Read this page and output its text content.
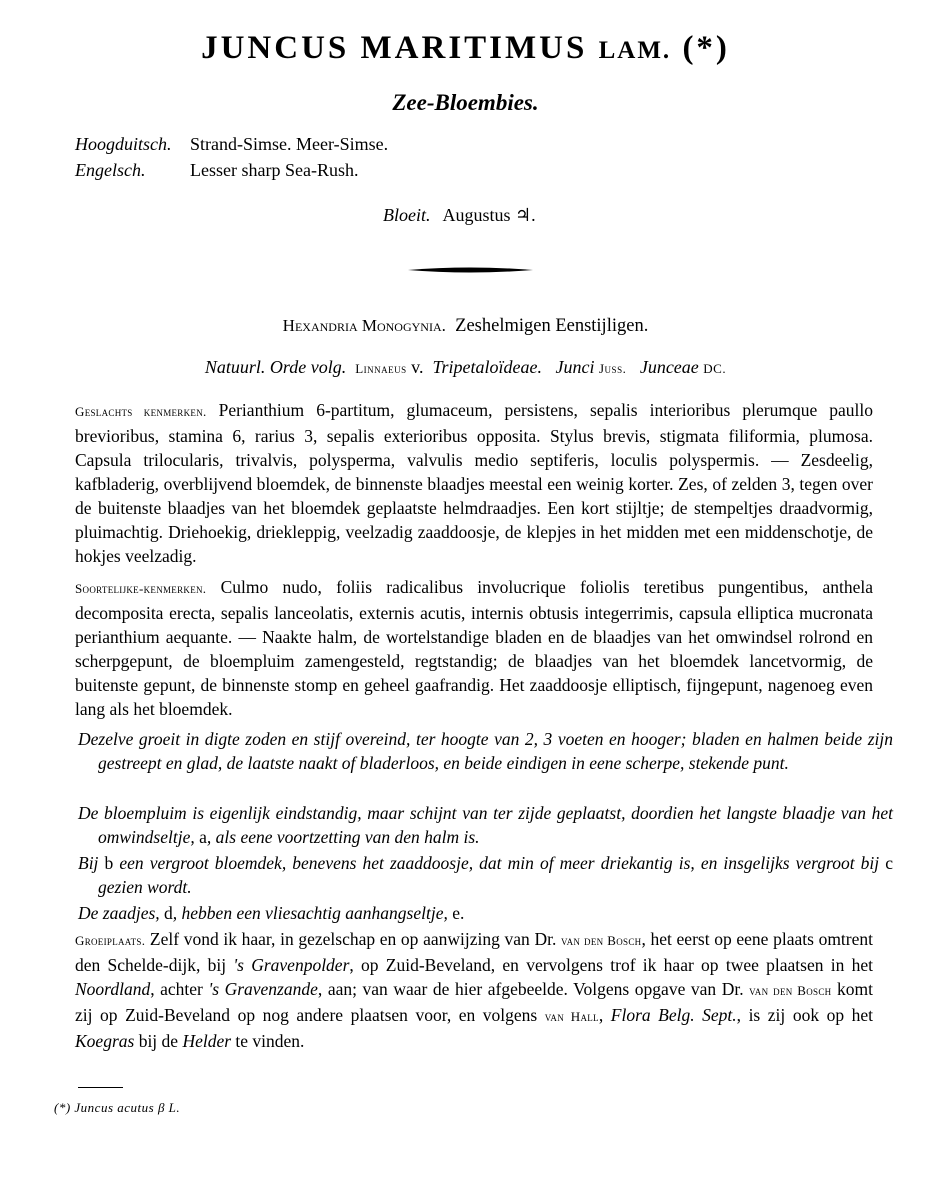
JUNCUS MARITIMUS LAM. (*)
Zee-Bloembies.
Hoogduitsch. Strand-Simse. Meer-Simse.
Engelsch. Lesser sharp Sea-Rush.
Bloeit. Augustus ♃.
Hexandria Monogynia. Zeshelmigen Eenstijligen.
Natuurl. Orde volg. Linnaeus v. Tripetaloïdeae. Junci Juss. Junceae DC.
Geslachts kenmerken. Perianthium 6-partitum, glumaceum, persistens, sepalis interioribus plerumque paullo brevioribus, stamina 6, rarius 3, sepalis exterioribus opposita. Stylus brevis, stigmata filiformia, plumosa. Capsula trilocularis, trivalvis, polysperma, valvulis medio septiferis, loculis polyspermis. — Zesdeelig, kafbladerig, overblijvend bloemdek, de binnenste blaadjes meestal een weinig korter. Zes, of zelden 3, tegen over de buitenste blaadjes van het bloemdek geplaatste helmdraadjes. Een kort stijltje; de stempeltjes draadvormig, pluimachtig. Driehoekig, driekleppig, veelzadig zaaddoosje, de klepjes in het midden met een middenschotje, de hokjes veelzadig.
Soortelijke-kenmerken. Culmo nudo, foliis radicalibus involucrique foliolis teretibus pungentibus, anthela decomposita erecta, sepalis lanceolatis, externis acutis, internis obtusis integerrimis, capsula elliptica mucronata perianthium aequante. — Naakte halm, de wortelstandige bladen en de blaadjes van het omwindsel rolrond en scherpgepunt, de bloempluim zamengesteld, regtstandig; de blaadjes van het bloemdek lancetvormig, de buitenste gepunt, de binnenste stomp en geheel gaafrandig. Het zaaddoosje elliptisch, fijngepunt, nagenoeg even lang als het bloemdek.
Dezelve groeit in digte zoden en stijf overeind, ter hoogte van 2, 3 voeten en hooger; bladen en halmen beide zijn gestreept en glad, de laatste naakt of bladerloos, en beide eindigen in eene scherpe, stekende punt.
De bloempluim is eigenlijk eindstandig, maar schijnt van ter zijde geplaatst, doordien het langste blaadje van het omwindseltje, a, als eene voortzetting van den halm is.
Bij b een vergroot bloemdek, benevens het zaaddoosje, dat min of meer driekantig is, en insgelijks vergroot bij c gezien wordt.
De zaadjes, d, hebben een vliesachtig aanhangseltje, e.
Groeiplaats. Zelf vond ik haar, in gezelschap en op aanwijzing van Dr. van den Bosch, het eerst op eene plaats omtrent den Schelde-dijk, bij 's Gravenpolder, op Zuid-Beveland, en vervolgens trof ik haar op twee plaatsen in het Noordland, achter 's Gravenzande, aan; van waar de hier afgebeelde. Volgens opgave van Dr. van den Bosch komt zij op Zuid-Beveland op nog andere plaatsen voor, en volgens van Hall, Flora Belg. Sept., is zij ook op het Koegras bij de Helder te vinden.
(*) Juncus acutus β L.
